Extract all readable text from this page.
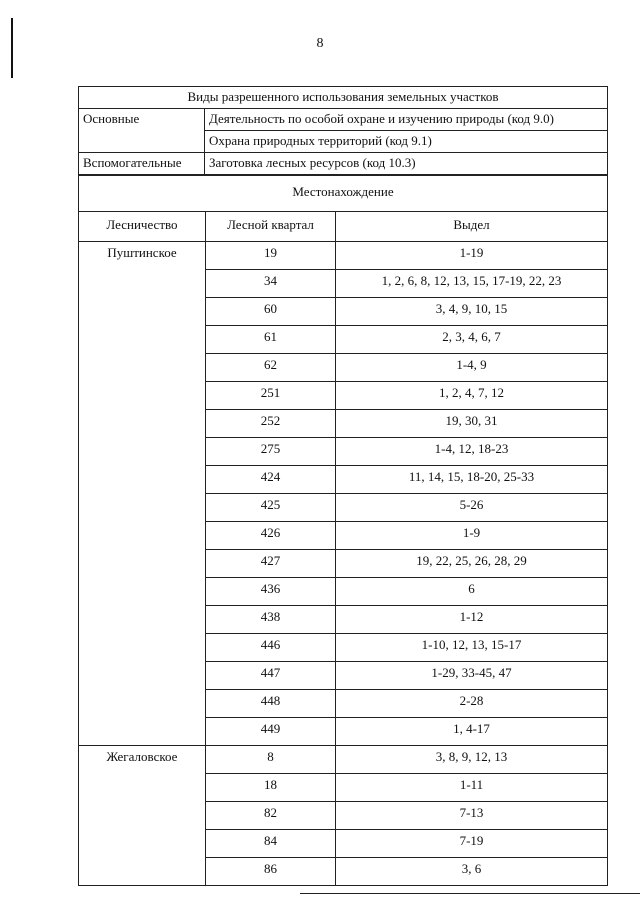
8
Виды разрешенного использования земельных участков	
Основные	Деятельность по особой охране и изучению природы (код 9.0)
	Охрана природных территорий (код 9.1)
Вспомогательные	Заготовка лесных ресурсов (код 10.3)
Местонахождение		
Лесничество	Лесной квартал	Выдел
Пуштинское	19	1-19
	34	1, 2, 6, 8, 12, 13, 15, 17-19, 22, 23
	60	3, 4, 9, 10, 15
	61	2, 3, 4, 6, 7
	62	1-4, 9
	251	1, 2, 4, 7, 12
	252	19, 30, 31
	275	1-4, 12, 18-23
	424	11, 14, 15, 18-20, 25-33
	425	5-26
	426	1-9
	427	19, 22, 25, 26, 28, 29
	436	6
	438	1-12
	446	1-10, 12, 13, 15-17
	447	1-29, 33-45, 47
	448	2-28
	449	1, 4-17
Жегаловское	8	3, 8, 9, 12, 13
	18	1-11
	82	7-13
	84	7-19
	86	3, 6
